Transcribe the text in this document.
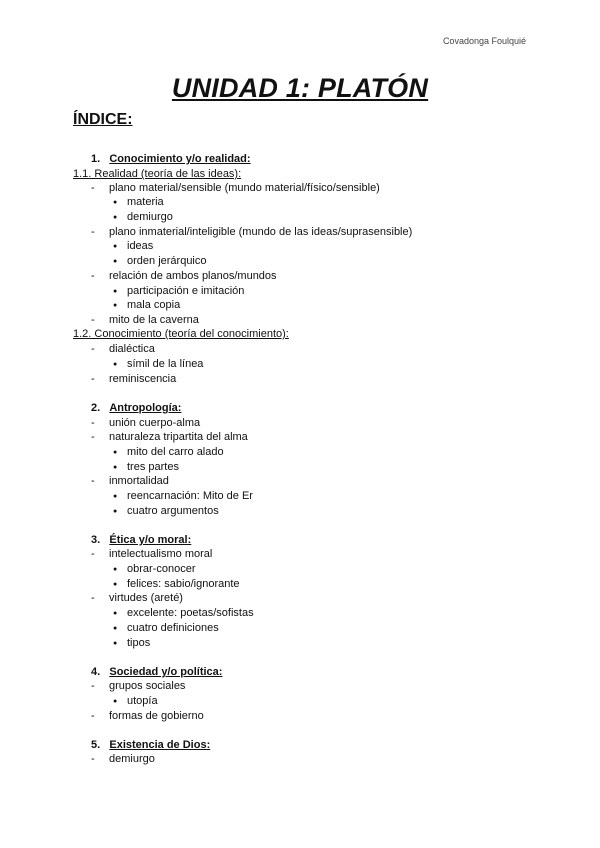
Covadonga Foulquié
UNIDAD 1: PLATÓN
ÍNDICE:
1. Conocimiento y/o realidad:
1.1. Realidad (teoría de las ideas):
- plano material/sensible (mundo material/físico/sensible)
● materia
● demiurgo
- plano inmaterial/inteligible (mundo de las ideas/suprasensible)
● ideas
● orden jerárquico
- relación de ambos planos/mundos
● participación e imitación
● mala copia
- mito de la caverna
1.2. Conocimiento (teoría del conocimiento):
- dialéctica
● símil de la línea
- reminiscencia
2. Antropología:
- unión cuerpo-alma
- naturaleza tripartita del alma
● mito del carro alado
● tres partes
- inmortalidad
● reencarnación: Mito de Er
● cuatro argumentos
3. Ética y/o moral:
- intelectualismo moral
● obrar-conocer
● felices: sabio/ignorante
- virtudes (areté)
● excelente: poetas/sofistas
● cuatro definiciones
● tipos
4. Sociedad y/o política:
- grupos sociales
● utopía
- formas de gobierno
5. Existencia de Dios:
- demiurgo
